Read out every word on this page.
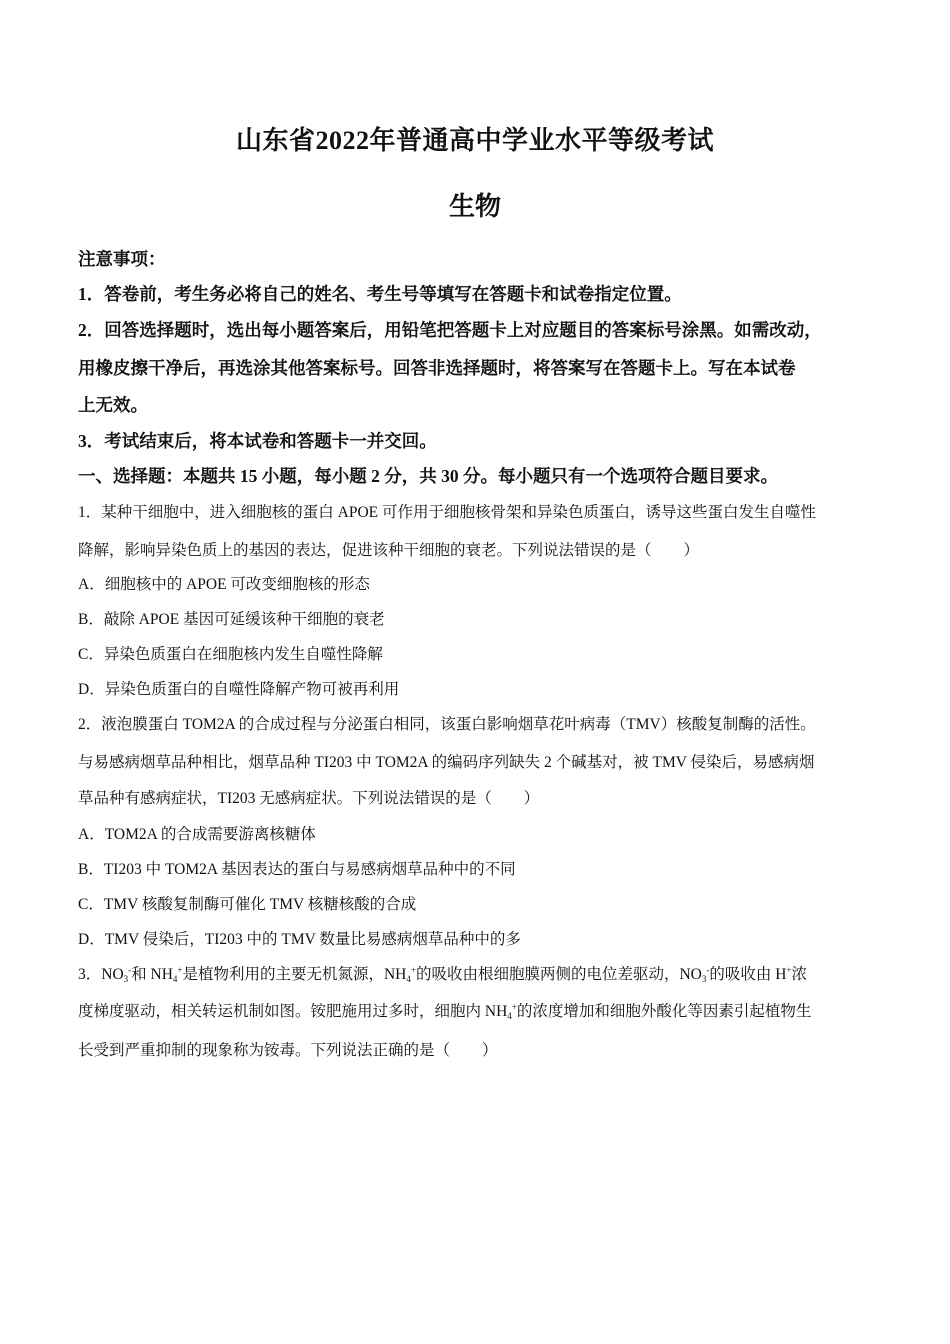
山东省2022年普通高中学业水平等级考试
生物
注意事项：
1．答卷前，考生务必将自己的姓名、考生号等填写在答题卡和试卷指定位置。
2．回答选择题时，选出每小题答案后，用铅笔把答题卡上对应题目的答案标号涂黑。如需改动，
用橡皮擦干净后，再选涂其他答案标号。回答非选择题时，将答案写在答题卡上。写在本试卷
上无效。
3．考试结束后，将本试卷和答题卡一并交回。
一、选择题：本题共 15 小题，每小题 2 分，共 30 分。每小题只有一个选项符合题目要求。
1．某种干细胞中，进入细胞核的蛋白 APOE 可作用于细胞核骨架和异染色质蛋白，诱导这些蛋白发生自噬性
降解，影响异染色质上的基因的表达，促进该种干细胞的衰老。下列说法错误的是（ ）
A．细胞核中的 APOE 可改变细胞核的形态
B．敲除 APOE 基因可延缓该种干细胞的衰老
C．异染色质蛋白在细胞核内发生自噬性降解
D．异染色质蛋白的自噬性降解产物可被再利用
2．液泡膜蛋白 TOM2A 的合成过程与分泌蛋白相同，该蛋白影响烟草花叶病毒（TMV）核酸复制酶的活性。
与易感病烟草品种相比，烟草品种 TI203 中 TOM2A 的编码序列缺失 2 个碱基对，被 TMV 侵染后，易感病烟
草品种有感病症状，TI203 无感病症状。下列说法错误的是（ ）
A．TOM2A 的合成需要游离核糖体
B．TI203 中 TOM2A 基因表达的蛋白与易感病烟草品种中的不同
C．TMV 核酸复制酶可催化 TMV 核糖核酸的合成
D．TMV 侵染后，TI203 中的 TMV 数量比易感病烟草品种中的多
3．$NO_3^-$和 $NH_4^+$是植物利用的主要无机氮源，$NH_4^+$的吸收由根细胞膜两侧的电位差驱动，$NO_3^-$的吸收由 H+浓
度梯度驱动，相关转运机制如图。铵肥施用过多时，细胞内 $NH_4^+$的浓度增加和细胞外酸化等因素引起植物生
长受到严重抑制的现象称为铵毒。下列说法正确的是（ ）
